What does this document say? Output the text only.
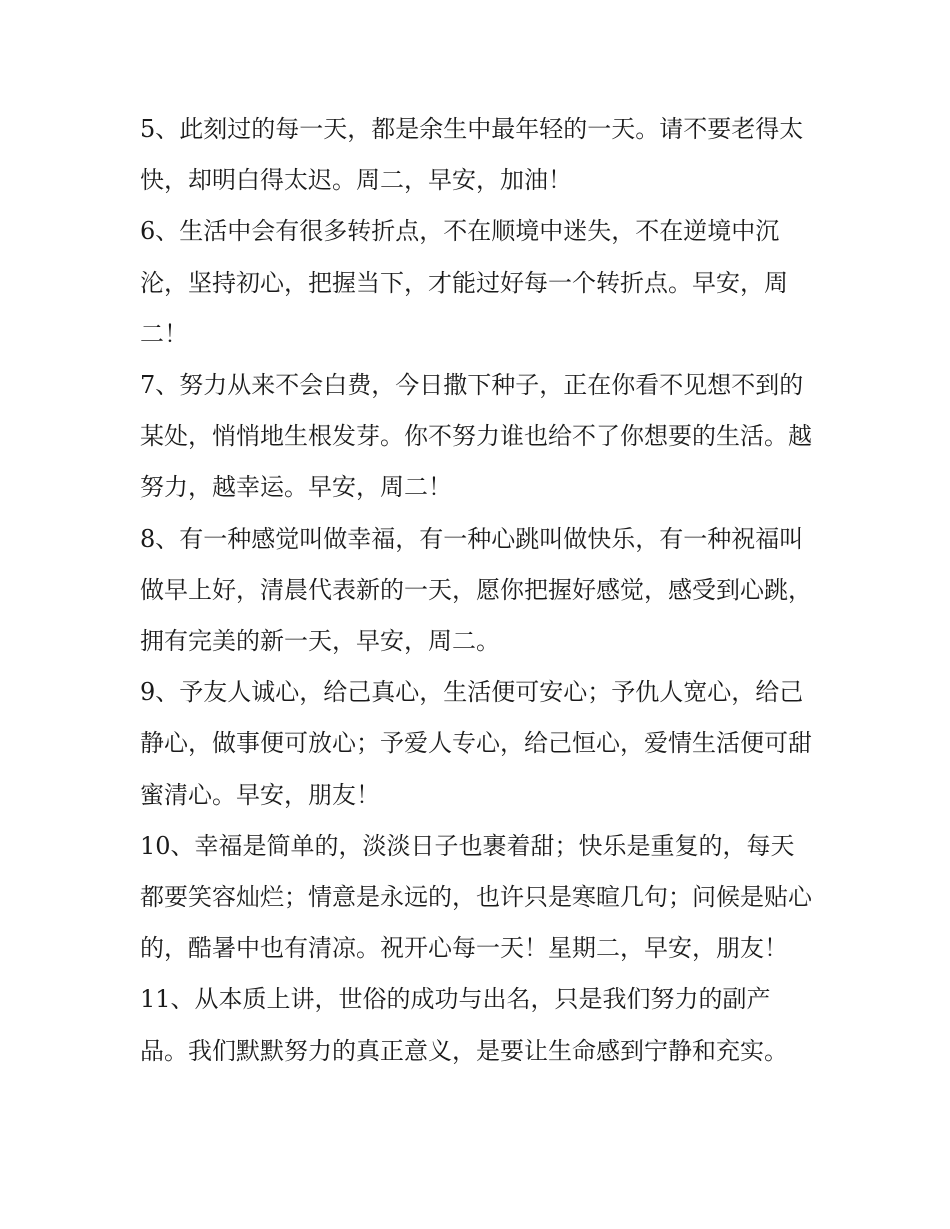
5、此刻过的每一天，都是余生中最年轻的一天。请不要老得太快，却明白得太迟。周二，早安，加油！

6、生活中会有很多转折点，不在顺境中迷失，不在逆境中沉沦，坚持初心，把握当下，才能过好每一个转折点。早安，周二！

7、努力从来不会白费，今日撒下种子，正在你看不见想不到的某处，悄悄地生根发芽。你不努力谁也给不了你想要的生活。越努力，越幸运。早安，周二！

8、有一种感觉叫做幸福，有一种心跳叫做快乐，有一种祝福叫做早上好，清晨代表新的一天，愿你把握好感觉，感受到心跳，拥有完美的新一天，早安，周二。

9、予友人诚心，给己真心，生活便可安心；予仇人宽心，给己静心，做事便可放心；予爱人专心，给己恒心，爱情生活便可甜蜜清心。早安，朋友！

10、幸福是简单的，淡淡日子也裹着甜；快乐是重复的，每天都要笑容灿烂；情意是永远的，也许只是寒暄几句；问候是贴心的，酷暑中也有清凉。祝开心每一天！星期二，早安，朋友！

11、从本质上讲，世俗的成功与出名，只是我们努力的副产品。我们默默努力的真正意义，是要让生命感到宁静和充实。
